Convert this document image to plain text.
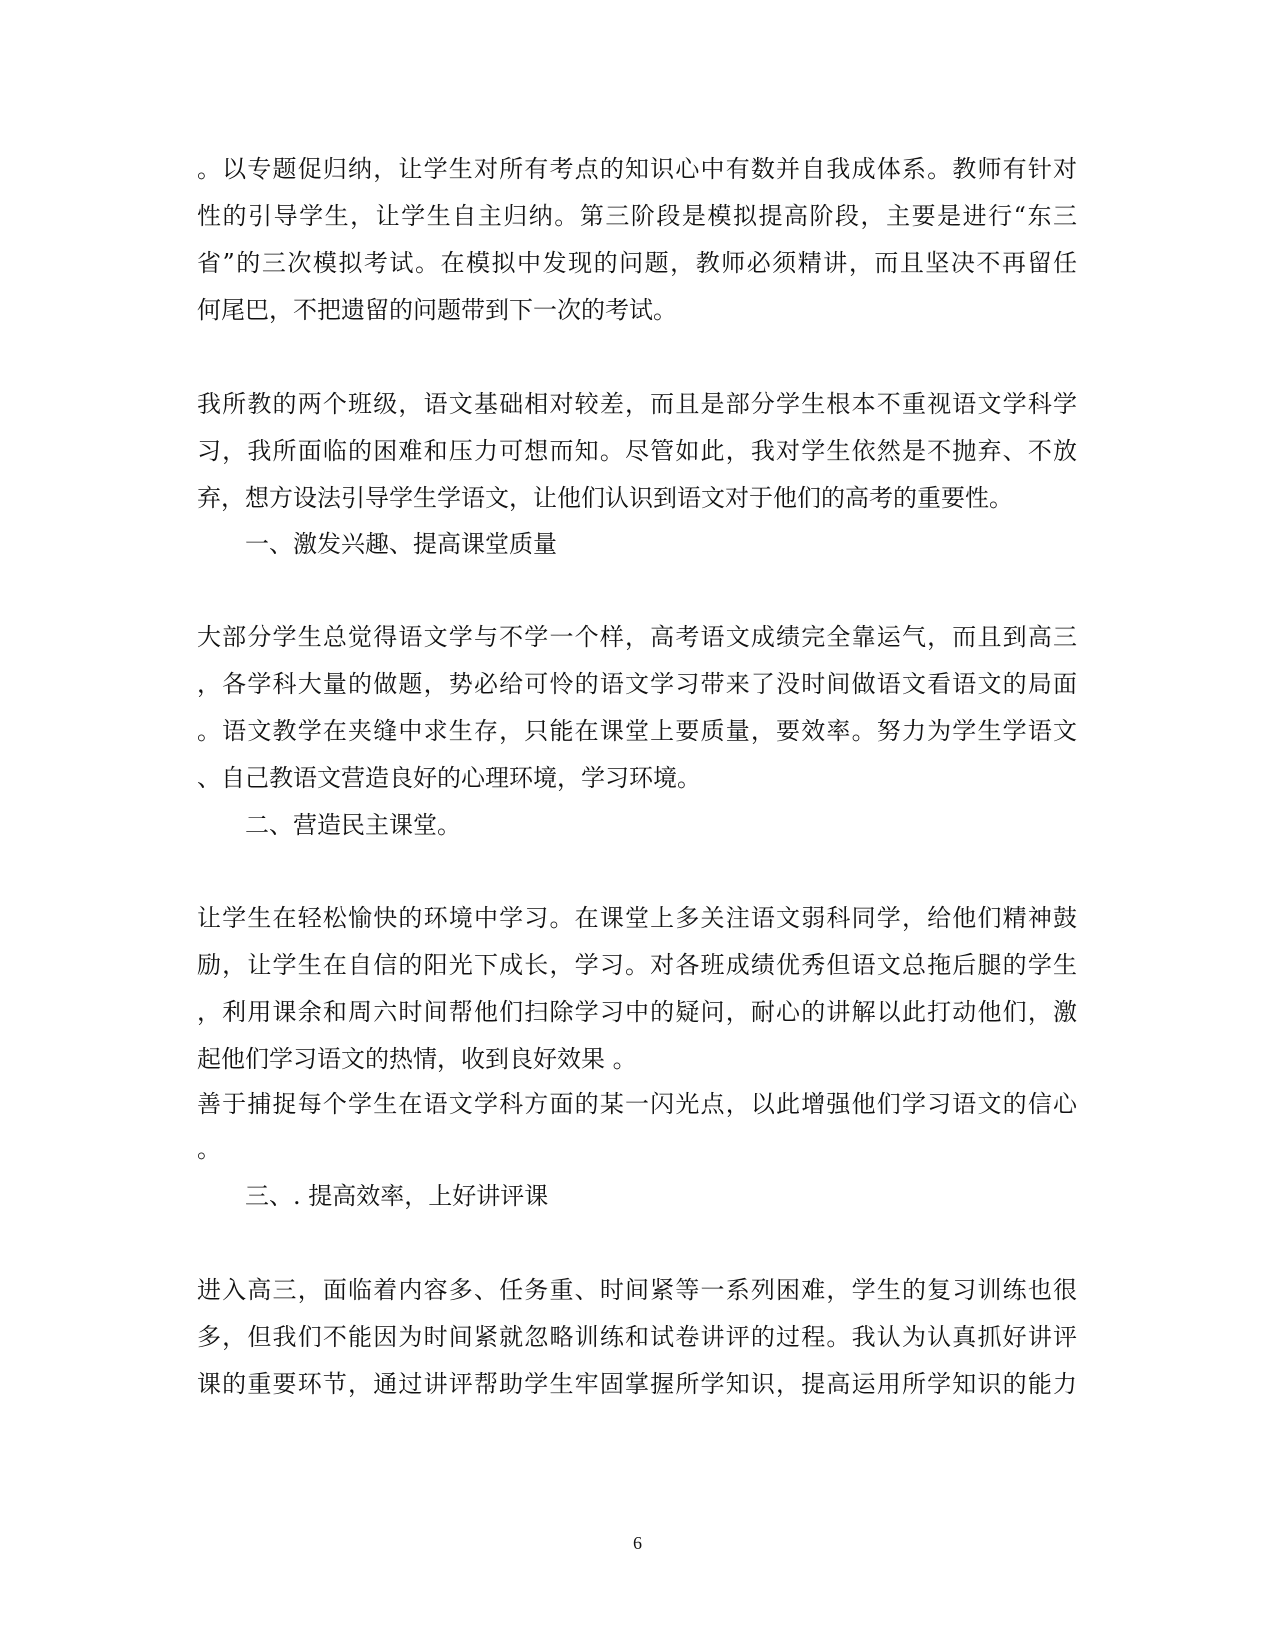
。以专题促归纳，让学生对所有考点的知识心中有数并自我成体系。教师有针对
性的引导学生，让学生自主归纳。第三阶段是模拟提高阶段，主要是进行“东三
省”的三次模拟考试。在模拟中发现的问题，教师必须精讲，而且坚决不再留任
何尾巴，不把遗留的问题带到下一次的考试。
我所教的两个班级，语文基础相对较差，而且是部分学生根本不重视语文学科学
习，我所面临的困难和压力可想而知。尽管如此，我对学生依然是不抛弃、不放
弃，想方设法引导学生学语文，让他们认识到语文对于他们的高考的重要性。
一、激发兴趣、提高课堂质量
大部分学生总觉得语文学与不学一个样，高考语文成绩完全靠运气，而且到高三
，各学科大量的做题，势必给可怜的语文学习带来了没时间做语文看语文的局面
。语文教学在夹缝中求生存，只能在课堂上要质量，要效率。努力为学生学语文
、自己教语文营造良好的心理环境，学习环境。
二、营造民主课堂。
让学生在轻松愉快的环境中学习。在课堂上多关注语文弱科同学，给他们精神鼓
励，让学生在自信的阳光下成长，学习。对各班成绩优秀但语文总拖后腿的学生
，利用课余和周六时间帮他们扫除学习中的疑问，耐心的讲解以此打动他们，激
起他们学习语文的热情，收到良好效果 。
善于捕捉每个学生在语文学科方面的某一闪光点，以此增强他们学习语文的信心
。
三、. 提高效率，上好讲评课
进入高三，面临着内容多、任务重、时间紧等一系列困难，学生的复习训练也很
多，但我们不能因为时间紧就忽略训练和试卷讲评的过程。我认为认真抓好讲评
课的重要环节，通过讲评帮助学生牢固掌握所学知识，提高运用所学知识的能力
6
